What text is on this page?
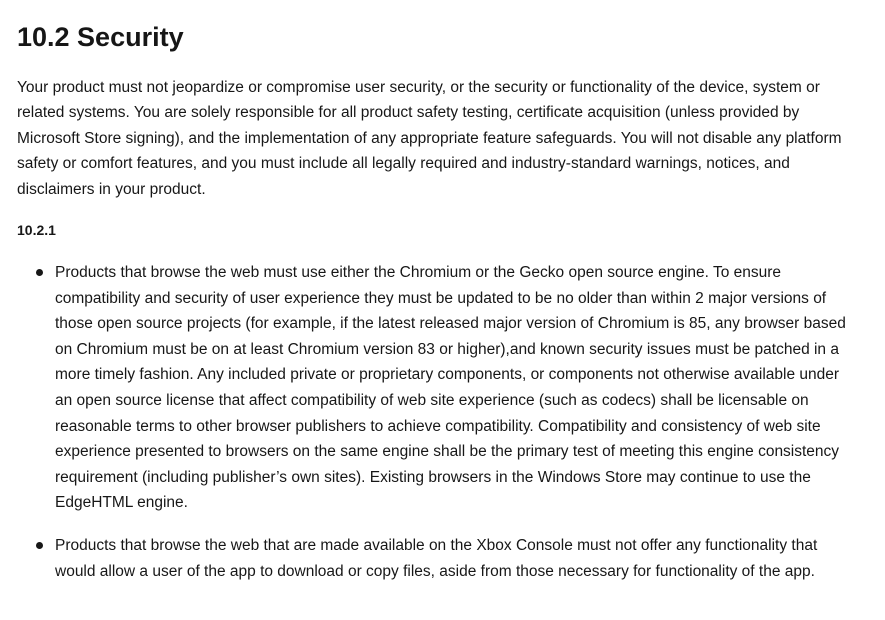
10.2 Security

Your product must not jeopardize or compromise user security, or the security or functionality of the device, system or related systems. You are solely responsible for all product safety testing, certificate acquisition (unless provided by Microsoft Store signing), and the implementation of any appropriate feature safeguards. You will not disable any platform safety or comfort features, and you must include all legally required and industry-standard warnings, notices, and disclaimers in your product.

10.2.1
Products that browse the web must use either the Chromium or the Gecko open source engine. To ensure compatibility and security of user experience they must be updated to be no older than within 2 major versions of those open source projects (for example, if the latest released major version of Chromium is 85, any browser based on Chromium must be on at least Chromium version 83 or higher),and known security issues must be patched in a more timely fashion. Any included private or proprietary components, or components not otherwise available under an open source license that affect compatibility of web site experience (such as codecs) shall be licensable on reasonable terms to other browser publishers to achieve compatibility. Compatibility and consistency of web site experience presented to browsers on the same engine shall be the primary test of meeting this engine consistency requirement (including publisher’s own sites). Existing browsers in the Windows Store may continue to use the EdgeHTML engine.
Products that browse the web that are made available on the Xbox Console must not offer any functionality that would allow a user of the app to download or copy files, aside from those necessary for functionality of the app.
